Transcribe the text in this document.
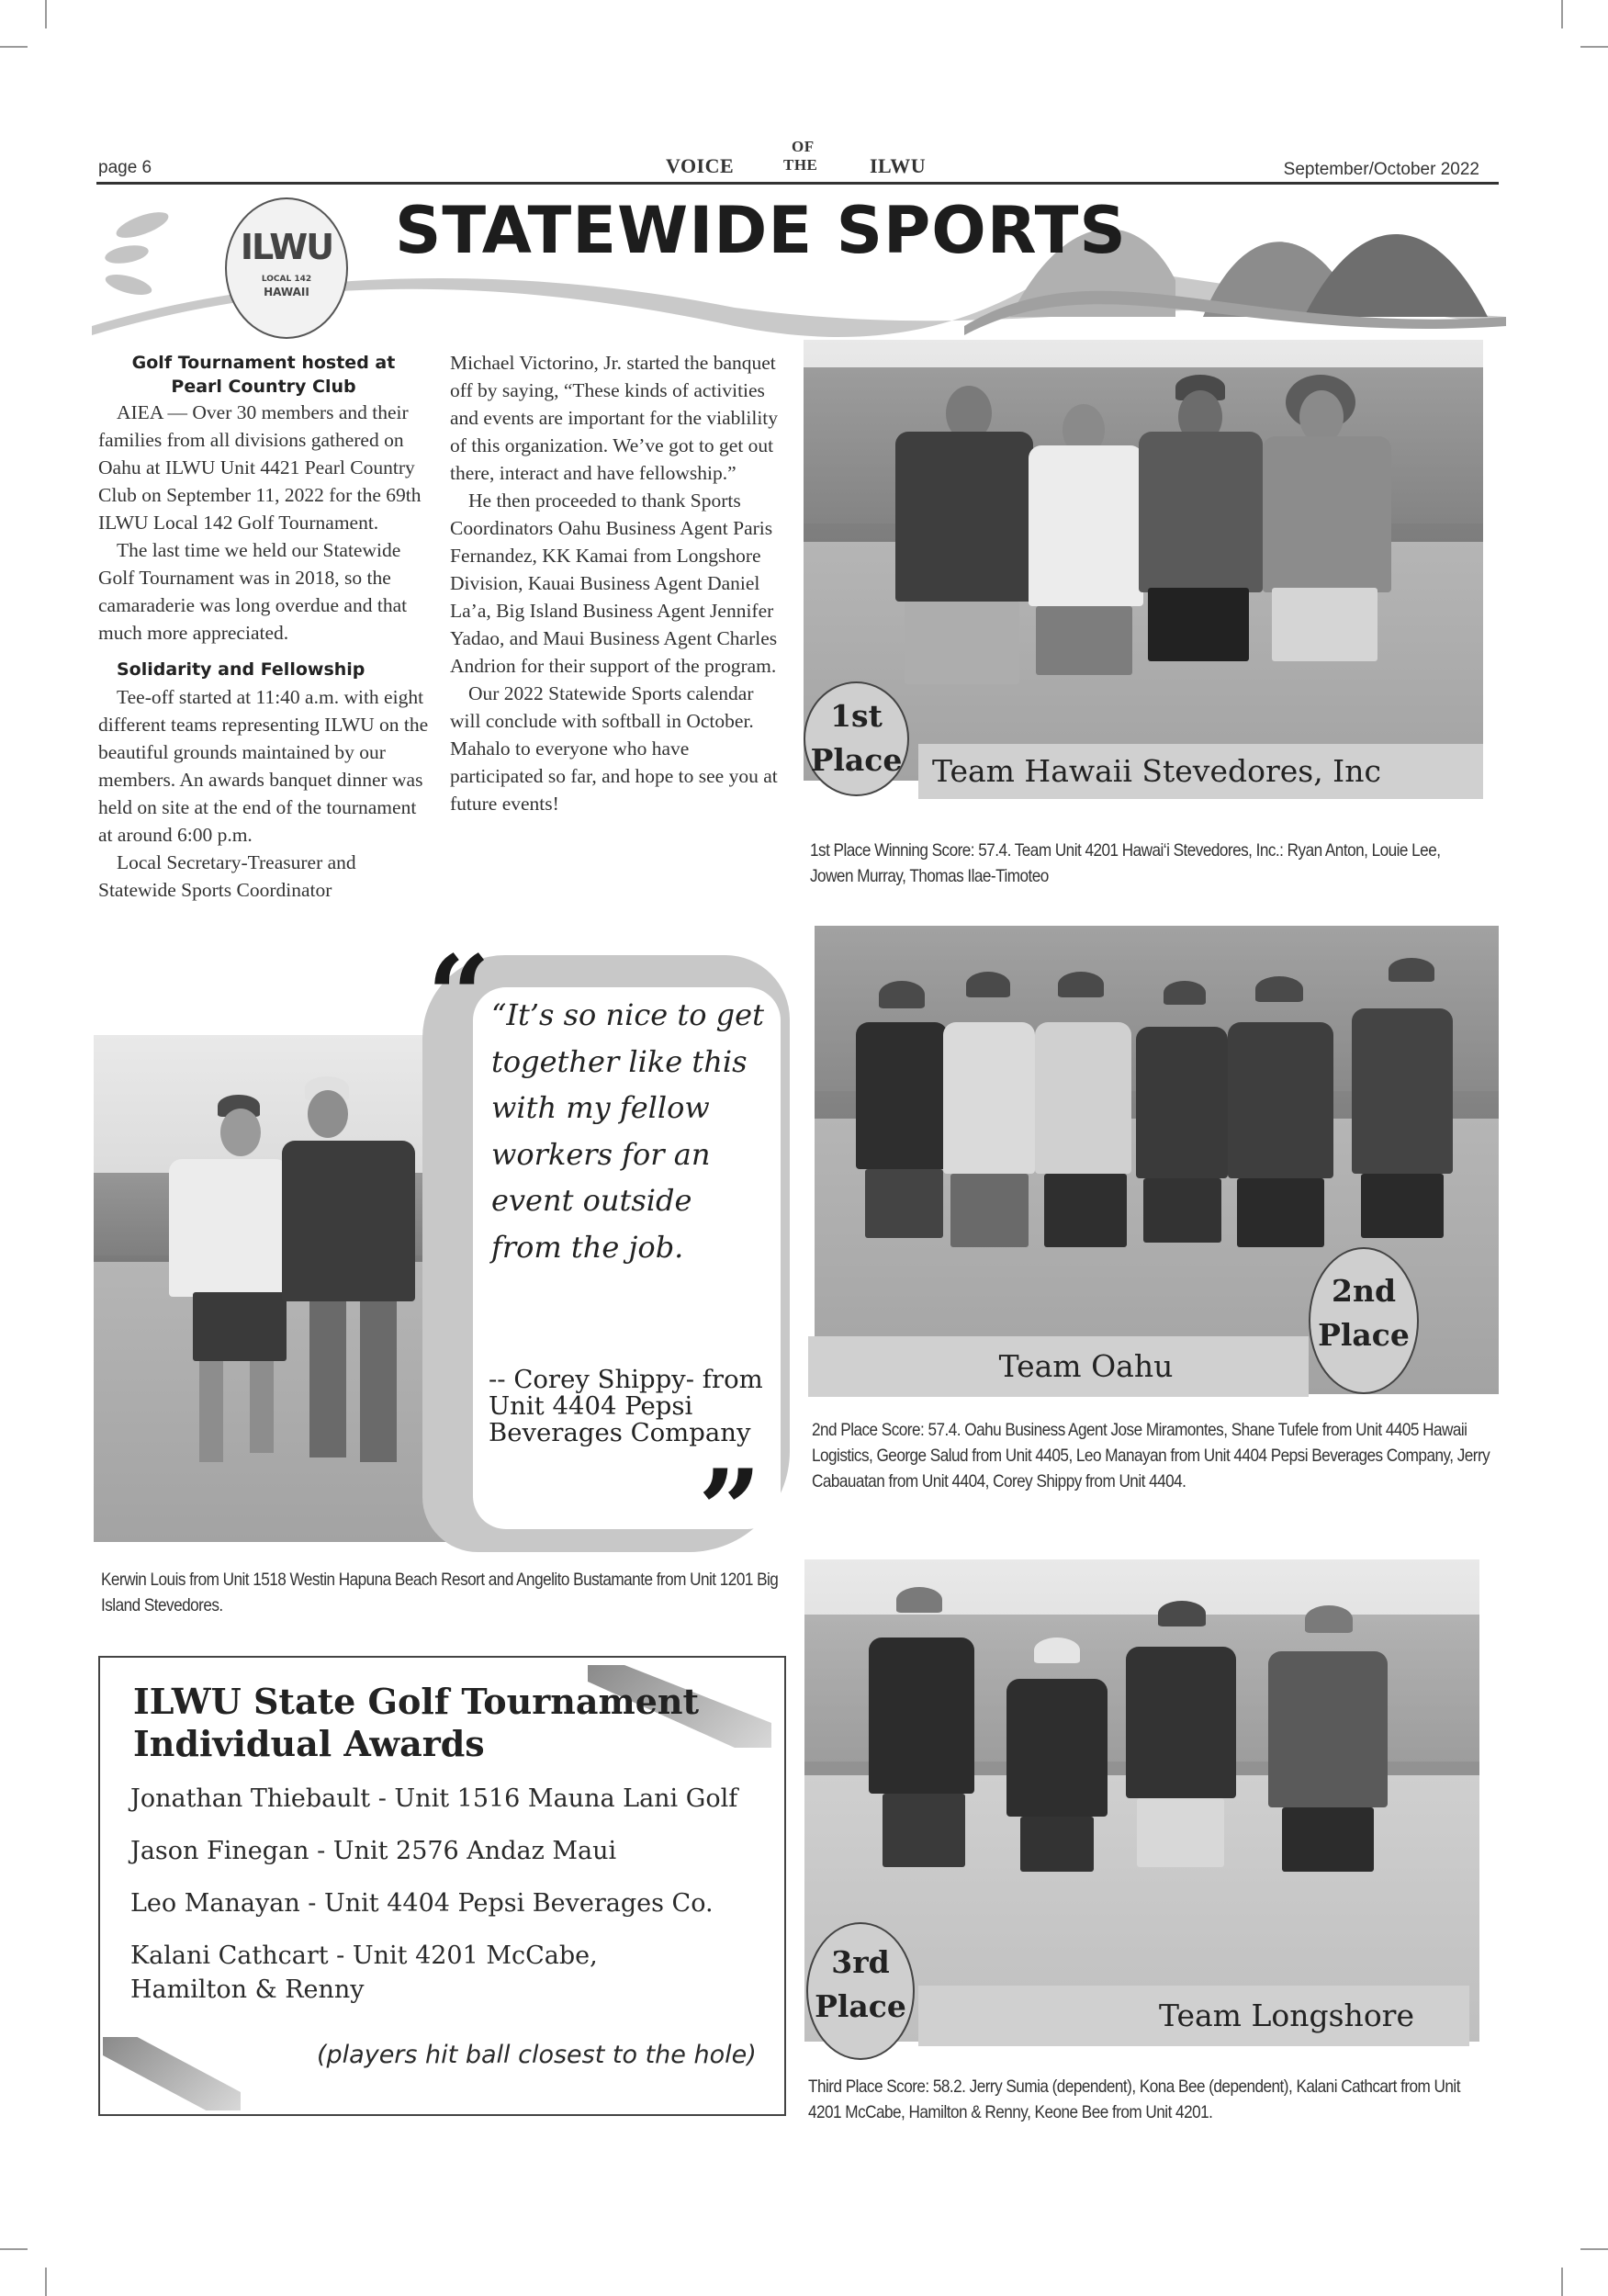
page 6	VOICE
OF
THE	ILWU	September/October 2022
ILWU
LOCAL 142
HAWAII
STATEWIDE SPORTS
Golf Tournament hosted at
Pearl Country Club

AIEA — Over 30 members and their families from all divisions gathered on Oahu at ILWU Unit 4421 Pearl Country Club on September 11, 2022 for the 69th ILWU Local 142 Golf Tournament.

The last time we held our Statewide Golf Tournament was in 2018, so the camaraderie was long overdue and that much more appreciated.

Solidarity and Fellowship

Tee-off started at 11:40 a.m. with eight different teams representing ILWU on the beautiful grounds maintained by our members. An awards banquet dinner was held on site at the end of the tournament at around 6:00 p.m.

Local Secretary-Treasurer and Statewide Sports Coordinator

Michael Victorino, Jr. started the banquet off by saying, “These kinds of activities and events are important for the viablility of this organization. We’ve got to get out there, interact and have fellowship.”

He then proceeded to thank Sports Coordinators Oahu Business Agent Paris Fernandez, KK Kamai from Longshore Division, Kauai Business Agent Daniel La’a, Big Island Business Agent Jennifer Yadao, and Maui Business Agent Charles Andrion for their support of the program.

Our 2022 Statewide Sports calendar will conclude with softball in October. Mahalo to everyone who have participated so far, and hope to see you at future events!

“ “It’s so nice to get together like this with my fellow workers for an event outside from the job.
-- Corey Shippy- from Unit 4404 Pepsi Beverages Company
”
Kerwin Louis from Unit 1518 Westin Hapuna Beach Resort and Angelito Bustamante from Unit 1201 Big Island Stevedores.
Team Hawaii Stevedores, Inc
1st
Place
1st Place Winning Score: 57.4. Team Unit 4201 Hawai‘i Stevedores, Inc.: Ryan Anton, Louie Lee, Jowen Murray, Thomas Ilae-Timoteo
Team Oahu
2nd
Place
2nd Place Score: 57.4. Oahu Business Agent Jose Miramontes, Shane Tufele from Unit 4405 Hawaii Logistics, George Salud from Unit 4405, Leo Manayan from Unit 4404 Pepsi Beverages Company, Jerry Cabauatan from Unit 4404, Corey Shippy from Unit 4404.
Team Longshore
3rd
Place
Third Place Score: 58.2. Jerry Sumia (dependent), Kona Bee (dependent), Kalani Cathcart from Unit 4201 McCabe, Hamilton & Renny, Keone Bee from Unit 4201.
ILWU State Golf Tournament
Individual Awards
Jonathan Thiebault - Unit 1516 Mauna Lani Golf
Jason Finegan - Unit 2576 Andaz Maui
Leo Manayan - Unit 4404 Pepsi Beverages Co.
Kalani Cathcart - Unit 4201 McCabe, Hamilton & Renny
(players hit ball closest to the hole)
